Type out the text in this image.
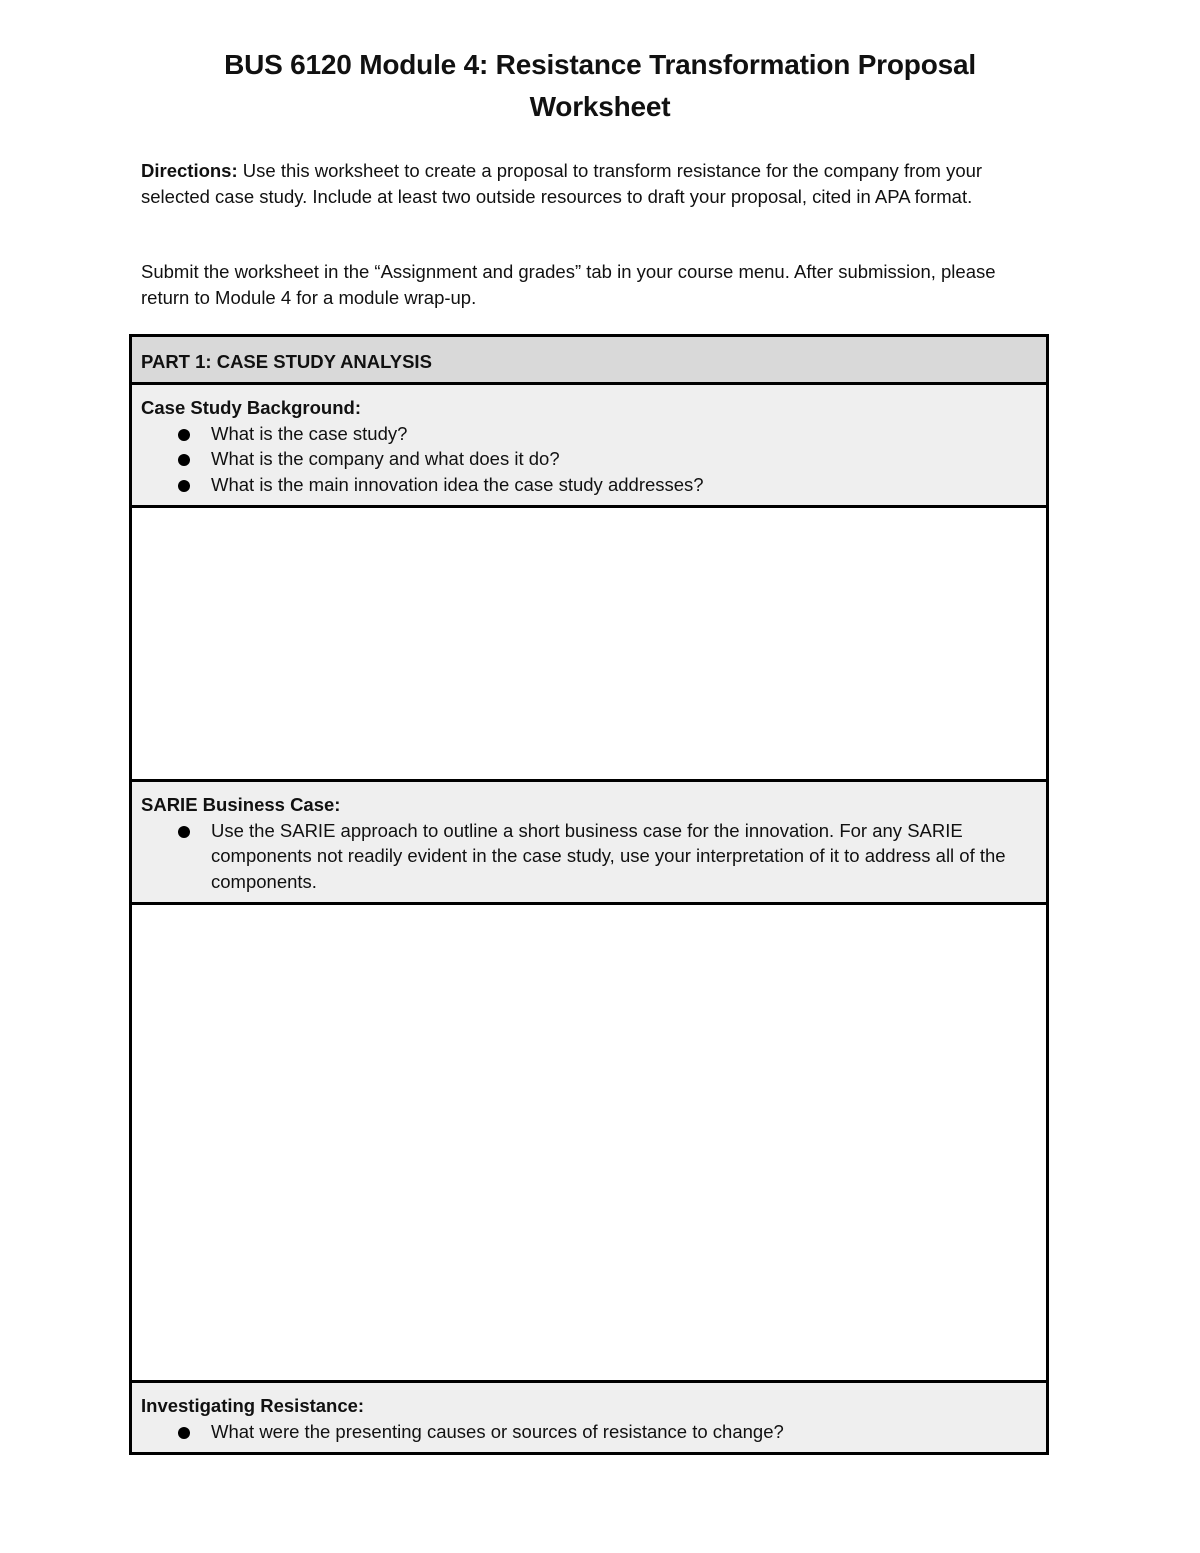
BUS 6120 Module 4: Resistance Transformation Proposal
Worksheet

Directions: Use this worksheet to create a proposal to transform resistance for the company from your selected case study. Include at least two outside resources to draft your proposal, cited in APA format.

Submit the worksheet in the “Assignment and grades” tab in your course menu. After submission, please return to Module 4 for a module wrap-up.

PART 1: CASE STUDY ANALYSIS
Case Study Background:
What is the case study?
What is the company and what does it do?
What is the main innovation idea the case study addresses?
SARIE Business Case:
Use the SARIE approach to outline a short business case for the innovation. For any SARIE components not readily evident in the case study, use your interpretation of it to address all of the components.
Investigating Resistance:
What were the presenting causes or sources of resistance to change?
